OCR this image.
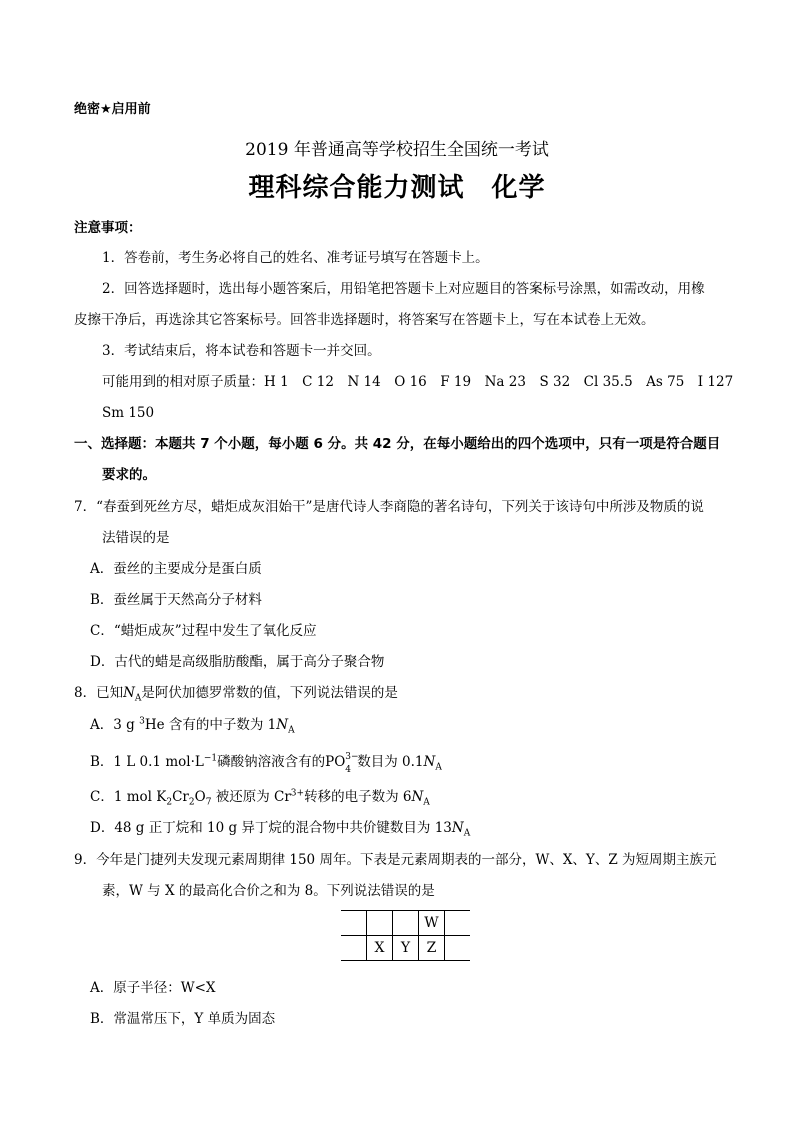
绝密★启用前
2019 年普通高等学校招生全国统一考试
理科综合能力测试　化学
注意事项：
1．答卷前，考生务必将自己的姓名、准考证号填写在答题卡上。
2．回答选择题时，选出每小题答案后，用铅笔把答题卡上对应题目的答案标号涂黑，如需改动，用橡
皮擦干净后，再选涂其它答案标号。回答非选择题时，将答案写在答题卡上，写在本试卷上无效。
3．考试结束后，将本试卷和答题卡一并交回。
可能用到的相对原子质量：H 1　C 12　N 14　O 16　F 19　Na 23　S 32　Cl 35.5　As 75　I 127
Sm 150
一、选择题：本题共 7 个小题，每小题 6 分。共 42 分，在每小题给出的四个选项中，只有一项是符合题目
要求的。
7．“春蚕到死丝方尽，蜡炬成灰泪始干”是唐代诗人李商隐的著名诗句，下列关于该诗句中所涉及物质的说
法错误的是
A．蚕丝的主要成分是蛋白质
B．蚕丝属于天然高分子材料
C．“蜡炬成灰”过程中发生了氧化反应
D．古代的蜡是高级脂肪酸酯，属于高分子聚合物
8．已知$N_A$是阿伏加德罗常数的值，下列说法错误的是
A．3 g $^3$He 含有的中子数为 $1N_A$
B．1 L 0.1 $mol\cdot L^{-1}$磷酸钠溶液含有的PO 3−
4 数目为 $0.1N_A$
C．1 mol $K_2Cr_2O_7$ 被还原为 $Cr^{3+}$转移的电子数为 $6N_A$
D．48 g 正丁烷和 10 g 异丁烷的混合物中共价键数目为 $13N_A$
9．今年是门捷列夫发现元素周期律 150 周年。下表是元素周期表的一部分，W、X、Y、Z 为短周期主族元
素，W 与 X 的最高化合价之和为 8。下列说法错误的是
			W	
	X	Y	Z	
A．原子半径：W<X
B．常温常压下，Y 单质为固态
